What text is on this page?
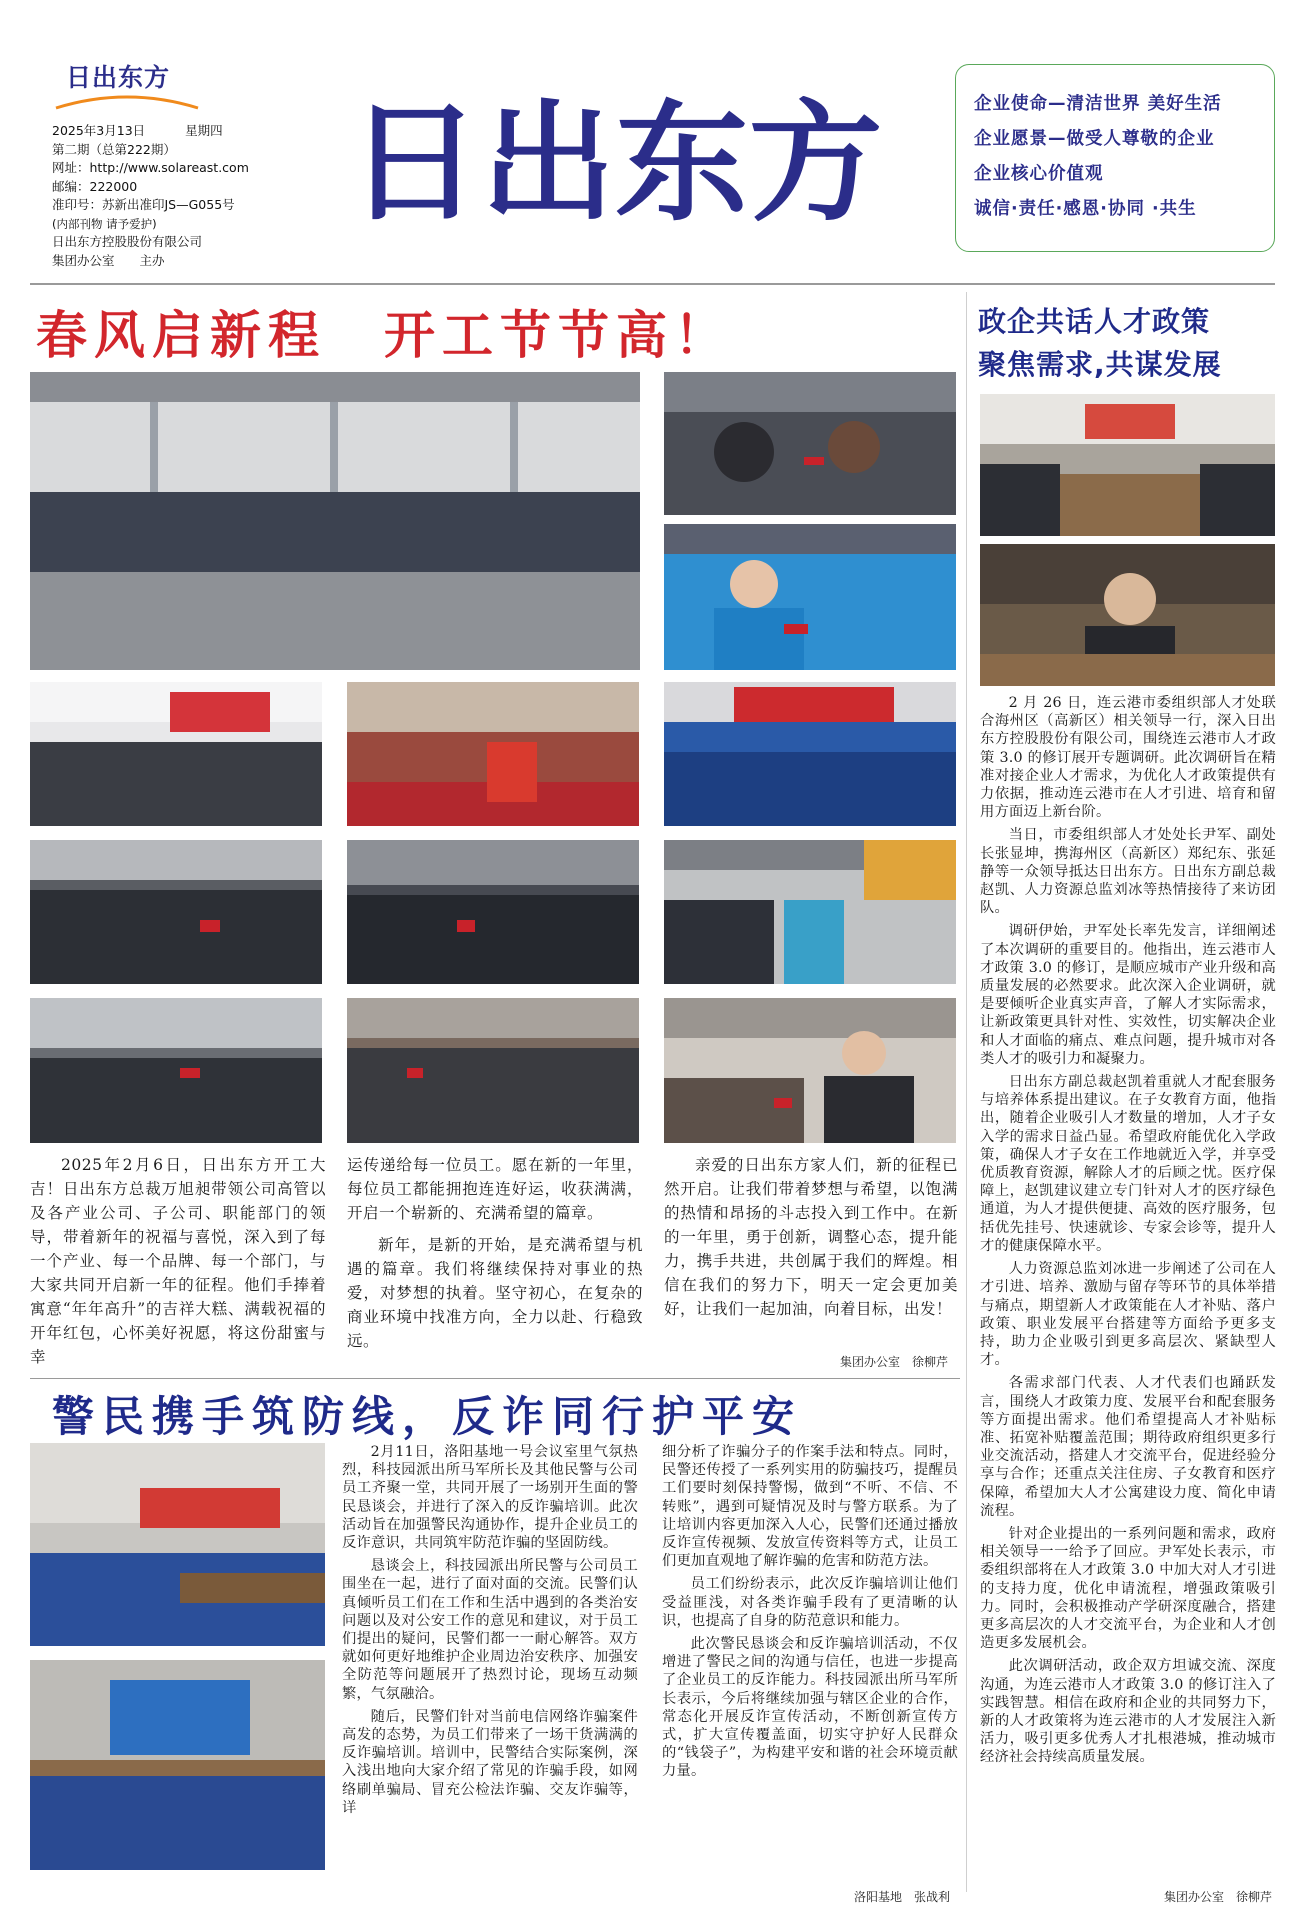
日出东方
2025年3月13日	星期四
第二期（总第222期）
网址：http://www.solareast.com
邮编：222000
准印号：苏新出准印JS—G055号
(内部刊物 请予爱护)
日出东方控股股份有限公司
集团办公室　　 主办
日出东方	企业使命—清洁世界 美好生活
企业愿景—做受人尊敬的企业
企业核心价值观
诚信·责任·感恩·协同 ·共生
春风启新程　开工节节高！

2025年2月6日，日出东方开工大吉！日出东方总裁万旭昶带领公司高管以及各产业公司、子公司、职能部门的领导，带着新年的祝福与喜悦，深入到了每一个产业、每一个品牌、每一个部门，与大家共同开启新一年的征程。他们手捧着寓意“年年高升”的吉祥大糕、满载祝福的开年红包，心怀美好祝愿，将这份甜蜜与幸

运传递给每一位员工。愿在新的一年里，每位员工都能拥抱连连好运，收获满满，开启一个崭新的、充满希望的篇章。

新年，是新的开始，是充满希望与机遇的篇章。我们将继续保持对事业的热爱，对梦想的执着。坚守初心，在复杂的商业环境中找准方向，全力以赴、行稳致远。

亲爱的日出东方家人们，新的征程已然开启。让我们带着梦想与希望，以饱满的热情和昂扬的斗志投入到工作中。在新的一年里，勇于创新，调整心态，提升能力，携手共进，共创属于我们的辉煌。相信在我们的努力下，明天一定会更加美好，让我们一起加油，向着目标，出发！

集团办公室　徐柳芹
警民携手筑防线，反诈同行护平安

2月11日，洛阳基地一号会议室里气氛热烈，科技园派出所马军所长及其他民警与公司员工齐聚一堂，共同开展了一场别开生面的警民恳谈会，并进行了深入的反诈骗培训。此次活动旨在加强警民沟通协作，提升企业员工的反诈意识，共同筑牢防范诈骗的坚固防线。

恳谈会上，科技园派出所民警与公司员工围坐在一起，进行了面对面的交流。民警们认真倾听员工们在工作和生活中遇到的各类治安问题以及对公安工作的意见和建议，对于员工们提出的疑问，民警们都一一耐心解答。双方就如何更好地维护企业周边治安秩序、加强安全防范等问题展开了热烈讨论，现场互动频繁，气氛融洽。

随后，民警们针对当前电信网络诈骗案件高发的态势，为员工们带来了一场干货满满的反诈骗培训。培训中，民警结合实际案例，深入浅出地向大家介绍了常见的诈骗手段，如网络刷单骗局、冒充公检法诈骗、交友诈骗等，详

细分析了诈骗分子的作案手法和特点。同时，民警还传授了一系列实用的防骗技巧，提醒员工们要时刻保持警惕，做到“不听、不信、不转账”，遇到可疑情况及时与警方联系。为了让培训内容更加深入人心，民警们还通过播放反诈宣传视频、发放宣传资料等方式，让员工们更加直观地了解诈骗的危害和防范方法。

员工们纷纷表示，此次反诈骗培训让他们受益匪浅，对各类诈骗手段有了更清晰的认识，也提高了自身的防范意识和能力。

此次警民恳谈会和反诈骗培训活动，不仅增进了警民之间的沟通与信任，也进一步提高了企业员工的反诈能力。科技园派出所马军所长表示，今后将继续加强与辖区企业的合作，常态化开展反诈宣传活动，不断创新宣传方式，扩大宣传覆盖面，切实守护好人民群众的“钱袋子”，为构建平安和谐的社会环境贡献力量。

洛阳基地　张战利
政企共话人才政策
聚焦需求,共谋发展

2 月 26 日，连云港市委组织部人才处联合海州区（高新区）相关领导一行，深入日出东方控股股份有限公司，围绕连云港市人才政策 3.0 的修订展开专题调研。此次调研旨在精准对接企业人才需求，为优化人才政策提供有力依据，推动连云港市在人才引进、培育和留用方面迈上新台阶。

当日，市委组织部人才处处长尹军、副处长张显坤，携海州区（高新区）郑纪东、张延静等一众领导抵达日出东方。日出东方副总裁赵凯、人力资源总监刘冰等热情接待了来访团队。

调研伊始，尹军处长率先发言，详细阐述了本次调研的重要目的。他指出，连云港市人才政策 3.0 的修订，是顺应城市产业升级和高质量发展的必然要求。此次深入企业调研，就是要倾听企业真实声音，了解人才实际需求，让新政策更具针对性、实效性，切实解决企业和人才面临的痛点、难点问题，提升城市对各类人才的吸引力和凝聚力。

日出东方副总裁赵凯着重就人才配套服务与培养体系提出建议。在子女教育方面，他指出，随着企业吸引人才数量的增加，人才子女入学的需求日益凸显。希望政府能优化入学政策，确保人才子女在工作地就近入学，并享受优质教育资源，解除人才的后顾之忧。医疗保障上，赵凯建议建立专门针对人才的医疗绿色通道，为人才提供便捷、高效的医疗服务，包括优先挂号、快速就诊、专家会诊等，提升人才的健康保障水平。

人力资源总监刘冰进一步阐述了公司在人才引进、培养、激励与留存等环节的具体举措与痛点，期望新人才政策能在人才补贴、落户政策、职业发展平台搭建等方面给予更多支持，助力企业吸引到更多高层次、紧缺型人才。

各需求部门代表、人才代表们也踊跃发言，围绕人才政策力度、发展平台和配套服务等方面提出需求。他们希望提高人才补贴标准、拓宽补贴覆盖范围；期待政府组织更多行业交流活动，搭建人才交流平台，促进经验分享与合作；还重点关注住房、子女教育和医疗保障，希望加大人才公寓建设力度、简化申请流程。

针对企业提出的一系列问题和需求，政府相关领导一一给予了回应。尹军处长表示，市委组织部将在人才政策 3.0 中加大对人才引进的支持力度，优化申请流程，增强政策吸引力。同时，会积极推动产学研深度融合，搭建更多高层次的人才交流平台，为企业和人才创造更多发展机会。

此次调研活动，政企双方坦诚交流、深度沟通，为连云港市人才政策 3.0 的修订注入了实践智慧。相信在政府和企业的共同努力下，新的人才政策将为连云港市的人才发展注入新活力，吸引更多优秀人才扎根港城，推动城市经济社会持续高质量发展。

集团办公室　徐柳芹
